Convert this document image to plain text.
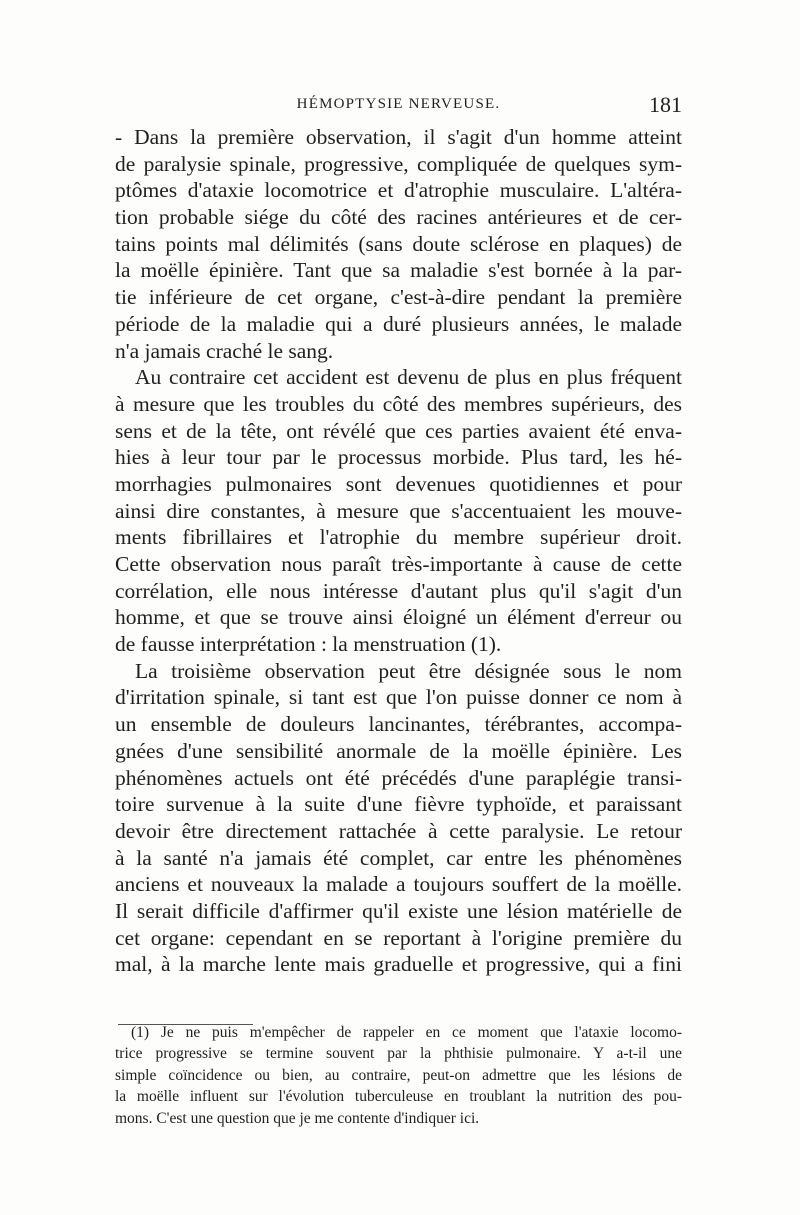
HÉMOPTYSIE NERVEUSE.	181
- Dans la première observation, il s'agit d'un homme atteint
de paralysie spinale, progressive, compliquée de quelques sym-
ptômes d'ataxie locomotrice et d'atrophie musculaire. L'altéra-
tion probable siége du côté des racines antérieures et de cer-
tains points mal délimités (sans doute sclérose en plaques) de
la moëlle épinière. Tant que sa maladie s'est bornée à la par-
tie inférieure de cet organe, c'est-à-dire pendant la première
période de la maladie qui a duré plusieurs années, le malade
n'a jamais craché le sang.
Au contraire cet accident est devenu de plus en plus fréquent
à mesure que les troubles du côté des membres supérieurs, des
sens et de la tête, ont révélé que ces parties avaient été enva-
hies à leur tour par le processus morbide. Plus tard, les hé-
morrhagies pulmonaires sont devenues quotidiennes et pour
ainsi dire constantes, à mesure que s'accentuaient les mouve-
ments fibrillaires et l'atrophie du membre supérieur droit.
Cette observation nous paraît très-importante à cause de cette
corrélation, elle nous intéresse d'autant plus qu'il s'agit d'un
homme, et que se trouve ainsi éloigné un élément d'erreur ou
de fausse interprétation : la menstruation (1).
La troisième observation peut être désignée sous le nom
d'irritation spinale, si tant est que l'on puisse donner ce nom à
un ensemble de douleurs lancinantes, térébrantes, accompa-
gnées d'une sensibilité anormale de la moëlle épinière. Les
phénomènes actuels ont été précédés d'une paraplégie transi-
toire survenue à la suite d'une fièvre typhoïde, et paraissant
devoir être directement rattachée à cette paralysie. Le retour
à la santé n'a jamais été complet, car entre les phénomènes
anciens et nouveaux la malade a toujours souffert de la moëlle.
Il serait difficile d'affirmer qu'il existe une lésion matérielle de
cet organe: cependant en se reportant à l'origine première du
mal, à la marche lente mais graduelle et progressive, qui a fini
(1) Je ne puis m'empêcher de rappeler en ce moment que l'ataxie locomo-
trice progressive se termine souvent par la phthisie pulmonaire. Y a-t-il une
simple coïncidence ou bien, au contraire, peut-on admettre que les lésions de
la moëlle influent sur l'évolution tuberculeuse en troublant la nutrition des pou-
mons. C'est une question que je me contente d'indiquer ici.
